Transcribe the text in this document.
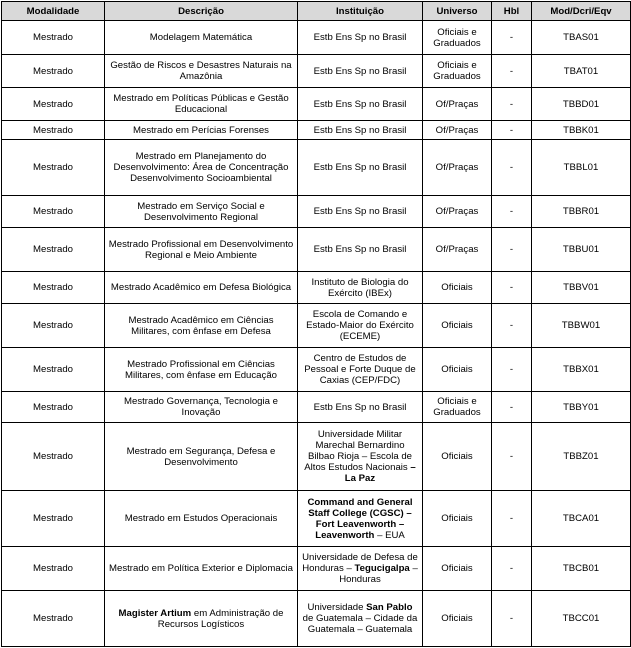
Modalidade	Descrição	Instituição	Universo	Hbl	Mod/Dcri/Eqv
Mestrado	Modelagem Matemática	Estb Ens Sp no Brasil	Oficiais e Graduados	-	TBAS01
Mestrado	Gestão de Riscos e Desastres Naturais na Amazônia	Estb Ens Sp no Brasil	Oficiais e Graduados	-	TBAT01
Mestrado	Mestrado em Políticas Públicas e Gestão Educacional	Estb Ens Sp no Brasil	Of/Praças	-	TBBD01
Mestrado	Mestrado em Perícias Forenses	Estb Ens Sp no Brasil	Of/Praças	-	TBBK01
Mestrado	Mestrado em Planejamento do Desenvolvimento: Área de Concentração Desenvolvimento Socioambiental	Estb Ens Sp no Brasil	Of/Praças	-	TBBL01
Mestrado	Mestrado em Serviço Social e Desenvolvimento Regional	Estb Ens Sp no Brasil	Of/Praças	-	TBBR01
Mestrado	Mestrado Profissional em Desenvolvimento Regional e Meio Ambiente	Estb Ens Sp no Brasil	Of/Praças	-	TBBU01
Mestrado	Mestrado Acadêmico em Defesa Biológica	Instituto de Biologia do Exército (IBEx)	Oficiais	-	TBBV01
Mestrado	Mestrado Acadêmico em Ciências Militares, com ênfase em Defesa	Escola de Comando e Estado-Maior do Exército (ECEME)	Oficiais	-	TBBW01
Mestrado	Mestrado Profissional em Ciências Militares, com ênfase em Educação	Centro de Estudos de Pessoal e Forte Duque de Caxias (CEP/FDC)	Oficiais	-	TBBX01
Mestrado	Mestrado Governança, Tecnologia e Inovação	Estb Ens Sp no Brasil	Oficiais e Graduados	-	TBBY01
Mestrado	Mestrado em Segurança, Defesa e Desenvolvimento	Universidade Militar Marechal Bernardino Bilbao Rioja – Escola de Altos Estudos Nacionais – La Paz	Oficiais	-	TBBZ01
Mestrado	Mestrado em Estudos Operacionais	Command and General Staff College (CGSC) – Fort Leavenworth – Leavenworth – EUA	Oficiais	-	TBCA01
Mestrado	Mestrado em Política Exterior e Diplomacia	Universidade de Defesa de Honduras – Tegucigalpa – Honduras	Oficiais	-	TBCB01
Mestrado	Magister Artium em Administração de Recursos Logísticos	Universidade San Pablo de Guatemala – Cidade da Guatemala – Guatemala	Oficiais	-	TBCC01
